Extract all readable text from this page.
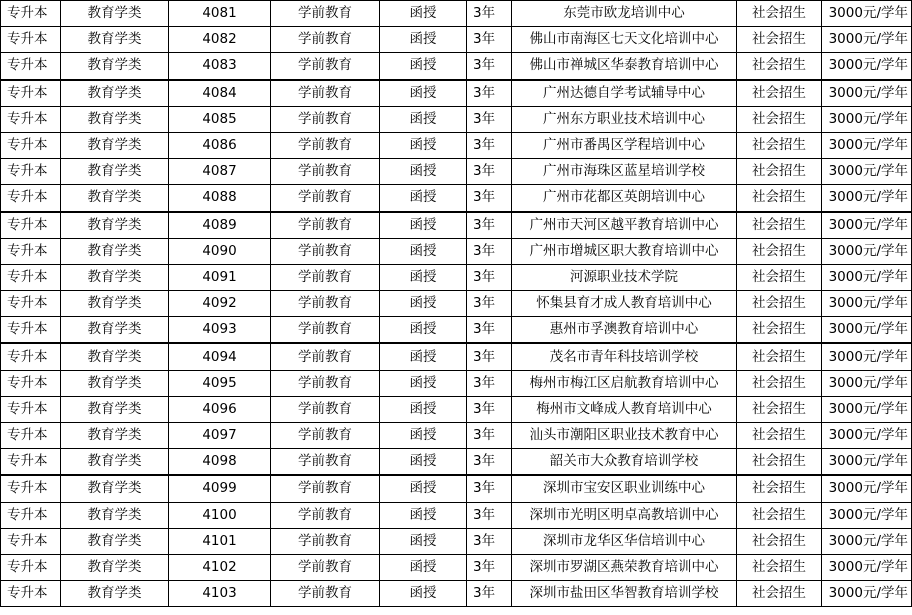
专升本	教育学类	4081	学前教育	函授	3年	东莞市欧龙培训中心	社会招生	3000元/学年
专升本	教育学类	4082	学前教育	函授	3年	佛山市南海区七天文化培训中心	社会招生	3000元/学年
专升本	教育学类	4083	学前教育	函授	3年	佛山市禅城区华泰教育培训中心	社会招生	3000元/学年
专升本	教育学类	4084	学前教育	函授	3年	广州达德自学考试辅导中心	社会招生	3000元/学年
专升本	教育学类	4085	学前教育	函授	3年	广州东方职业技术培训中心	社会招生	3000元/学年
专升本	教育学类	4086	学前教育	函授	3年	广州市番禺区学程培训中心	社会招生	3000元/学年
专升本	教育学类	4087	学前教育	函授	3年	广州市海珠区蓝星培训学校	社会招生	3000元/学年
专升本	教育学类	4088	学前教育	函授	3年	广州市花都区英朗培训中心	社会招生	3000元/学年
专升本	教育学类	4089	学前教育	函授	3年	广州市天河区越平教育培训中心	社会招生	3000元/学年
专升本	教育学类	4090	学前教育	函授	3年	广州市增城区职大教育培训中心	社会招生	3000元/学年
专升本	教育学类	4091	学前教育	函授	3年	河源职业技术学院	社会招生	3000元/学年
专升本	教育学类	4092	学前教育	函授	3年	怀集县育才成人教育培训中心	社会招生	3000元/学年
专升本	教育学类	4093	学前教育	函授	3年	惠州市孚澳教育培训中心	社会招生	3000元/学年
专升本	教育学类	4094	学前教育	函授	3年	茂名市青年科技培训学校	社会招生	3000元/学年
专升本	教育学类	4095	学前教育	函授	3年	梅州市梅江区启航教育培训中心	社会招生	3000元/学年
专升本	教育学类	4096	学前教育	函授	3年	梅州市文峰成人教育培训中心	社会招生	3000元/学年
专升本	教育学类	4097	学前教育	函授	3年	汕头市潮阳区职业技术教育中心	社会招生	3000元/学年
专升本	教育学类	4098	学前教育	函授	3年	韶关市大众教育培训学校	社会招生	3000元/学年
专升本	教育学类	4099	学前教育	函授	3年	深圳市宝安区职业训练中心	社会招生	3000元/学年
专升本	教育学类	4100	学前教育	函授	3年	深圳市光明区明卓高教培训中心	社会招生	3000元/学年
专升本	教育学类	4101	学前教育	函授	3年	深圳市龙华区华信培训中心	社会招生	3000元/学年
专升本	教育学类	4102	学前教育	函授	3年	深圳市罗湖区燕荣教育培训中心	社会招生	3000元/学年
专升本	教育学类	4103	学前教育	函授	3年	深圳市盐田区华智教育培训学校	社会招生	3000元/学年
